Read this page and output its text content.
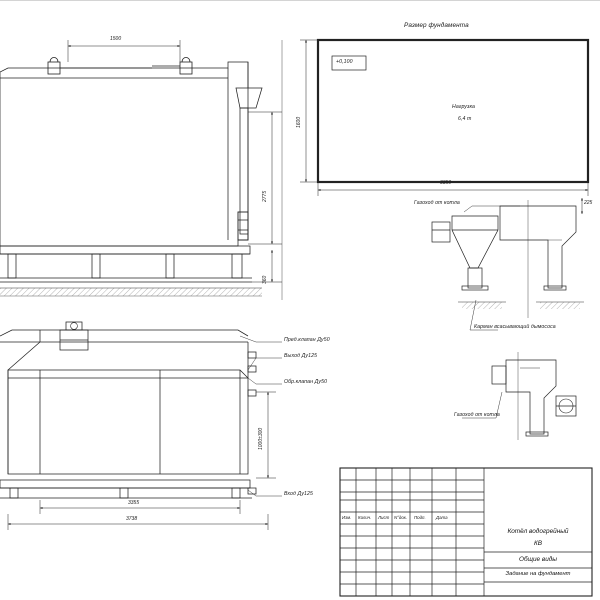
Размер фундамента
+0,100
Нагрузка
6,4 т
3350
1600
225
1500
2775
360
3355
3738
1000±300
Газоход от котла
Карман всасывающий дымососа
Газоход от котла
Пред.клапан Ду50
Выход Ду125
Обр.клапан Ду50
Вход Ду125
Изм. Колич. Лист N°док. Подп. Дата
Котёл водогрейный
КВ
Общие виды
Задание на фундамент
